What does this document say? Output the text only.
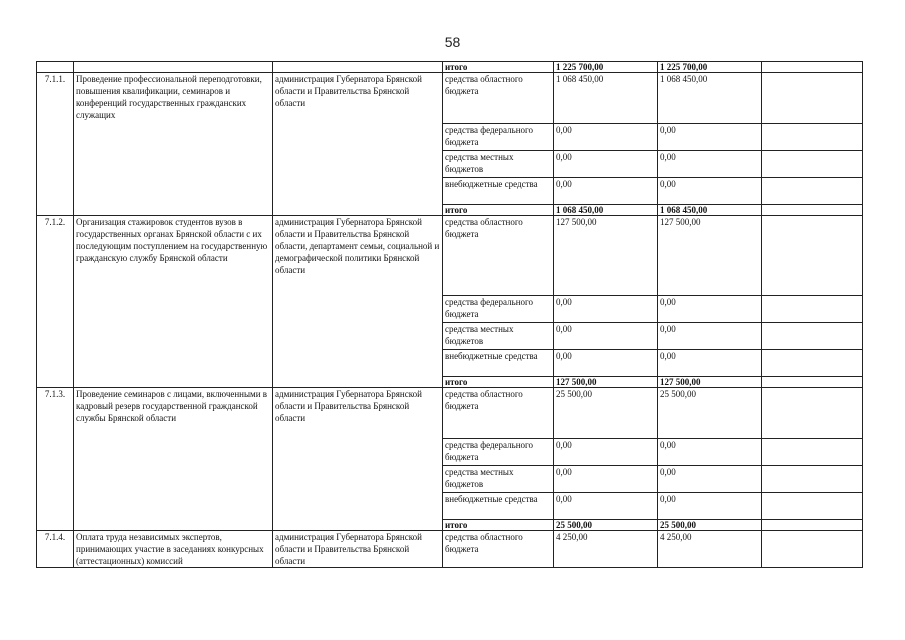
58
			итого	1 225 700,00	1 225 700,00	
7.1.1.	Проведение профессиональной переподготовки, повышения квалификации, семинаров и конференций государственных гражданских служащих	администрация Губернатора Брянской области и Правительства Брянской области	средства областного бюджета	1 068 450,00	1 068 450,00	
			средства федерального бюджета	0,00	0,00	
			средства местных бюджетов	0,00	0,00	
			внебюджетные средства	0,00	0,00	
			итого	1 068 450,00	1 068 450,00	
7.1.2.	Организация стажировок студентов вузов в государственных органах Брянской области с их последующим поступлением на государственную гражданскую службу Брянской области	администрация Губернатора Брянской области и Правительства Брянской области, департамент семьи, социальной и демографической политики Брянской области	средства областного бюджета	127 500,00	127 500,00	
			средства федерального бюджета	0,00	0,00	
			средства местных бюджетов	0,00	0,00	
			внебюджетные средства	0,00	0,00	
			итого	127 500,00	127 500,00	
7.1.3.	Проведение семинаров с лицами, включенными в кадровый резерв государственной гражданской службы Брянской области	администрация Губернатора Брянской области и Правительства Брянской области	средства областного бюджета	25 500,00	25 500,00	
			средства федерального бюджета	0,00	0,00	
			средства местных бюджетов	0,00	0,00	
			внебюджетные средства	0,00	0,00	
			итого	25 500,00	25 500,00	
7.1.4.	Оплата труда независимых экспертов, принимающих участие в заседаниях конкурсных (аттестационных) комиссий	администрация Губернатора Брянской области и Правительства Брянской области	средства областного бюджета	4 250,00	4 250,00	
